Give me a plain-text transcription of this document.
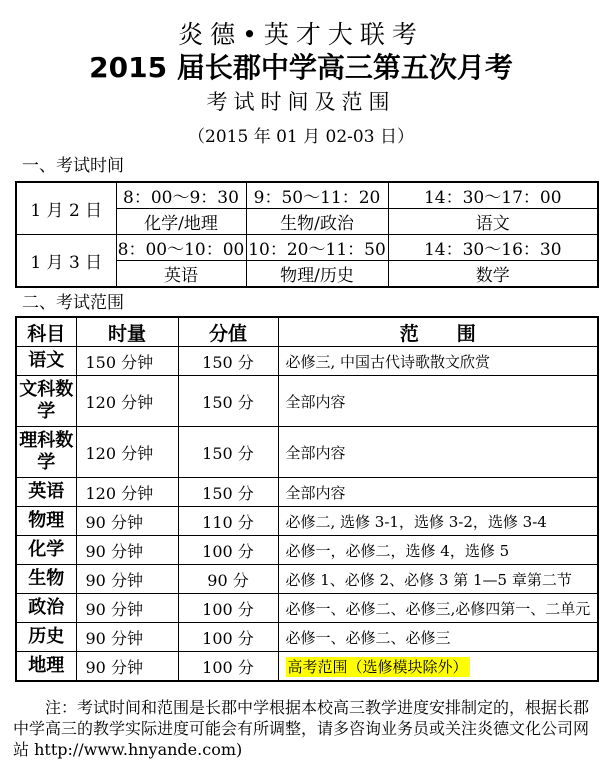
炎德•英才大联考
2015 届长郡中学高三第五次月考
考试时间及范围
（2015 年 01 月 02-03 日）
一、考试时间
1 月 2 日	8：00～9：30	9：50～11：20	14：30～17：00
	化学/地理	生物/政治	语文
1 月 3 日	8：00～10：00	10：20～11：50	14：30～16：30
	英语	物理/历史	数学
二、考试范围
科目	时量	分值	范　　围
语文	150 分钟	150 分	必修三, 中国古代诗歌散文欣赏
文科数学	120 分钟	150 分	全部内容
理科数学	120 分钟	150 分	全部内容
英语	120 分钟	150 分	全部内容
物理	90 分钟	110 分	必修二, 选修 3-1，选修 3-2，选修 3-4
化学	90 分钟	100 分	必修一，必修二，选修 4，选修 5
生物	90 分钟	90 分	必修 1、必修 2、必修 3 第 1—5 章第二节
政治	90 分钟	100 分	必修一、必修二、必修三,必修四第一、二单元
历史	90 分钟	100 分	必修一、必修二、必修三
地理	90 分钟	100 分	高考范围（选修模块除外）

注：考试时间和范围是长郡中学根据本校高三教学进度安排制定的，根据长郡中学高三的教学实际进度可能会有所调整，请多咨询业务员或关注炎德文化公司网站 http://www.hnyande.com)
